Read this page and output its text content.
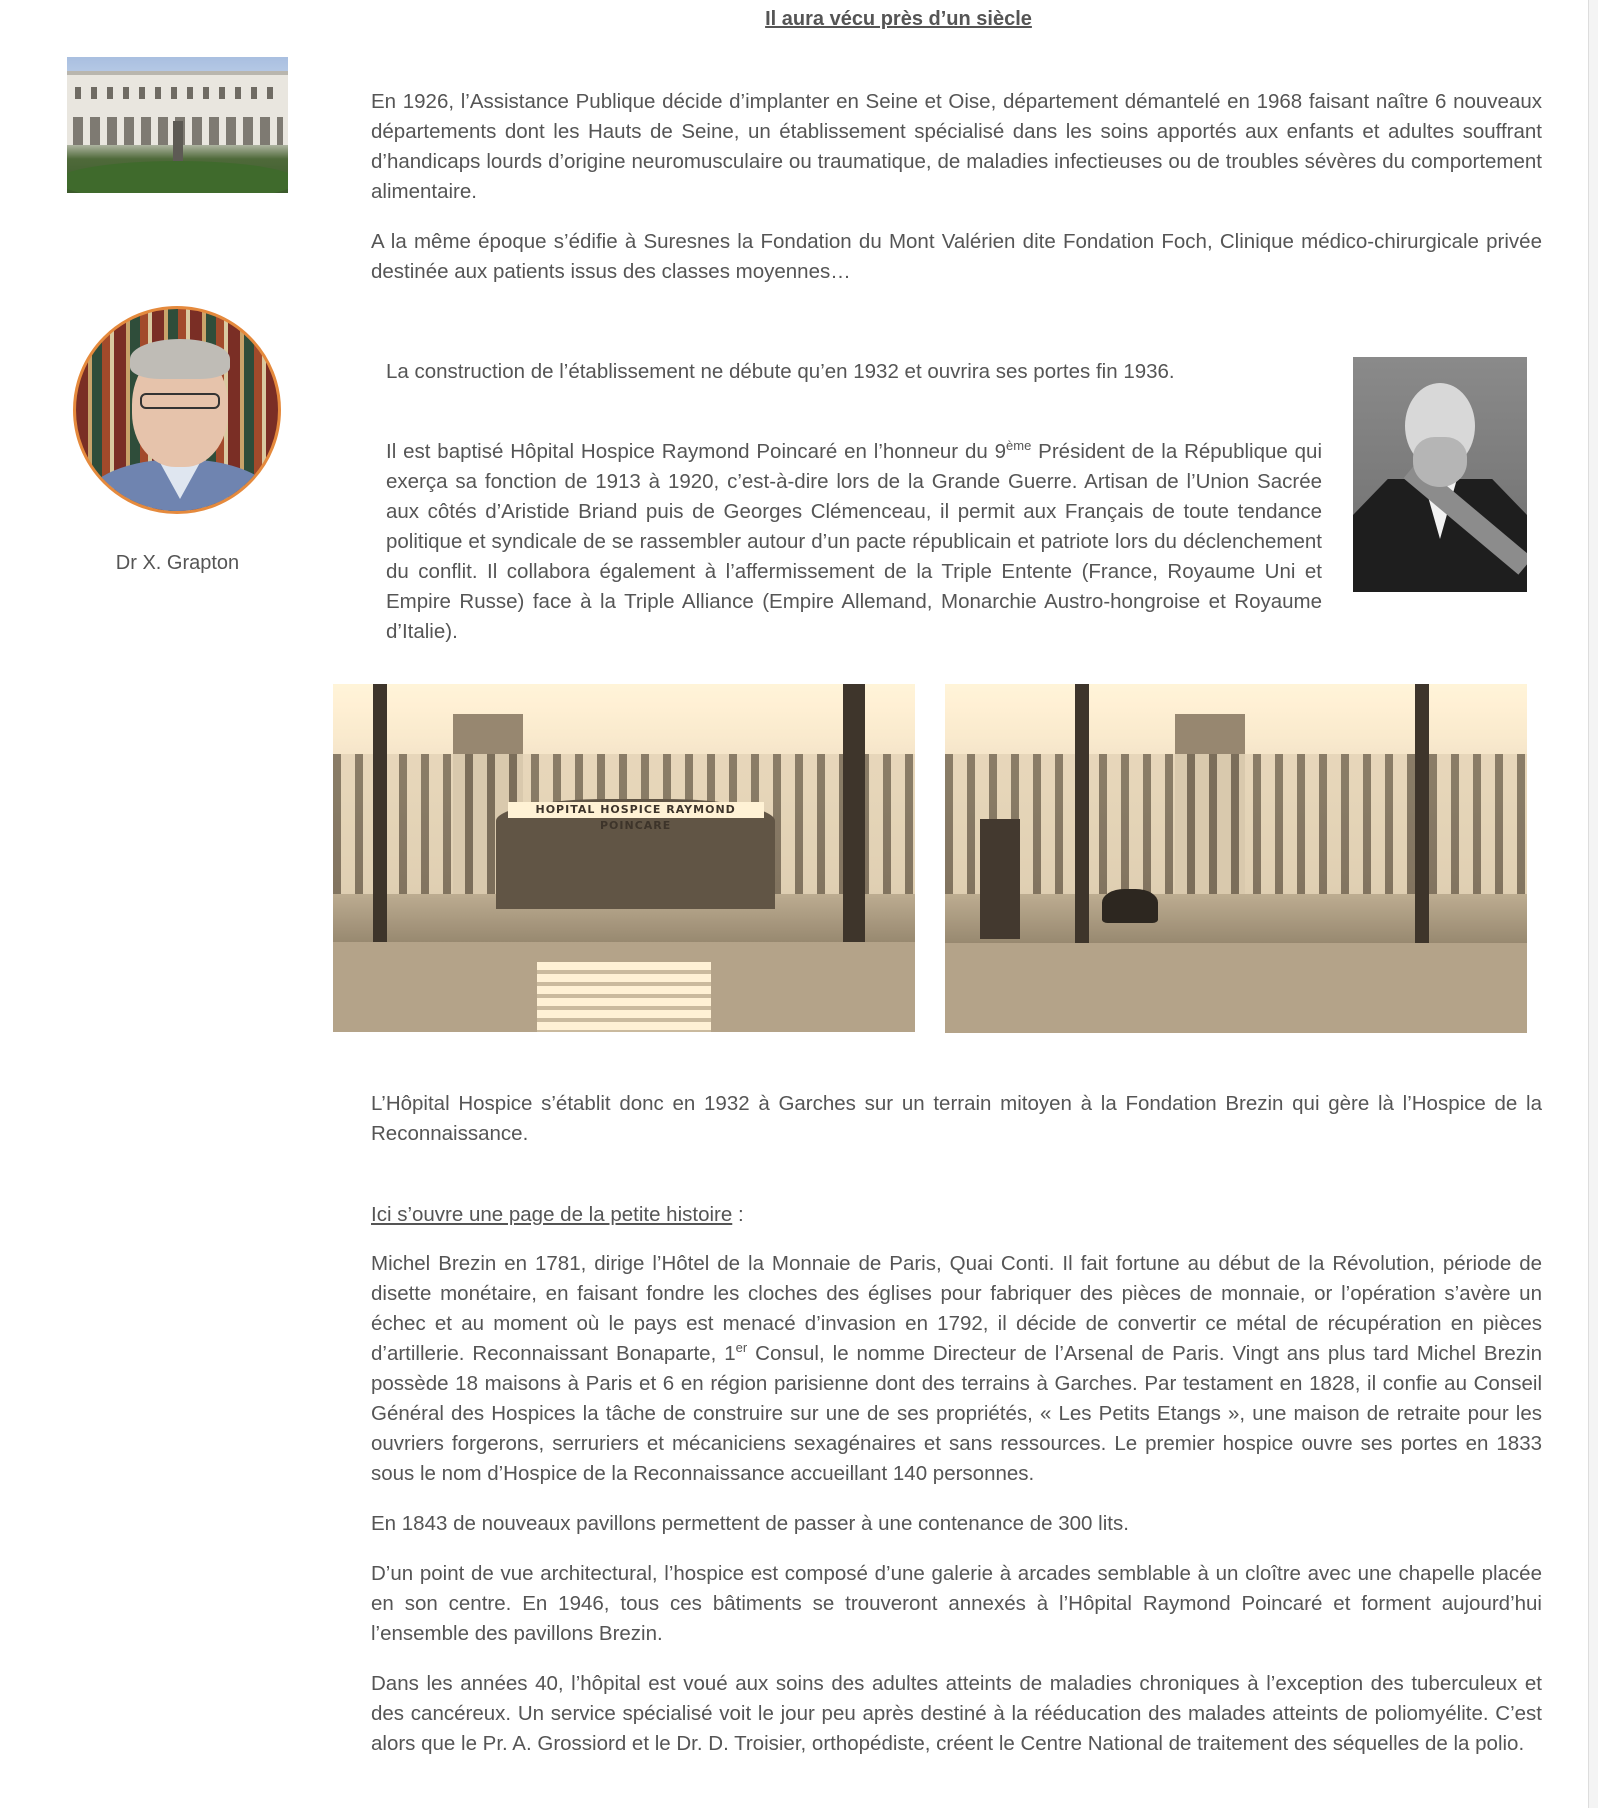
Il aura vécu près d’un siècle

En 1926, l’Assistance Publique décide d’implanter en Seine et Oise, département démantelé en 1968 faisant naître 6 nouveaux départements dont les Hauts de Seine, un établissement spécialisé dans les soins apportés aux enfants et adultes souffrant d’handicaps lourds d’origine neuromusculaire ou traumatique, de maladies infectieuses ou de troubles sévères du comportement alimentaire.

A la même époque s’édifie à Suresnes la Fondation du Mont Valérien dite Fondation Foch, Clinique médico-chirurgicale privée destinée aux patients issus des classes moyennes…

Dr X. Grapton

La construction de l’établissement ne débute qu’en 1932 et ouvrira ses portes fin 1936.

Il est baptisé Hôpital Hospice Raymond Poincaré en l’honneur du 9ème Président de la République qui exerça sa fonction de 1913 à 1920, c’est-à-dire lors de la Grande Guerre. Artisan de l’Union Sacrée aux côtés d’Aristide Briand puis de Georges Clémenceau, il permit aux Français de toute tendance politique et syndicale de se rassembler autour d’un pacte républicain et patriote lors du déclenchement du conflit. Il collabora également à l’affermissement de la Triple Entente (France, Royaume Uni et Empire Russe) face à la Triple Alliance (Empire Allemand, Monarchie Austro-hongroise et Royaume d’Italie).

HOPITAL HOSPICE RAYMOND POINCARE

L’Hôpital Hospice s’établit donc en 1932 à Garches sur un terrain mitoyen à la Fondation Brezin qui gère là l’Hospice de la Reconnaissance.

Ici s’ouvre une page de la petite histoire :

Michel Brezin en 1781, dirige l’Hôtel de la Monnaie de Paris, Quai Conti. Il fait fortune au début de la Révolution, période de disette monétaire, en faisant fondre les cloches des églises pour fabriquer des pièces de monnaie, or l’opération s’avère un échec et au moment où le pays est menacé d’invasion en 1792, il décide de convertir ce métal de récupération en pièces d’artillerie. Reconnaissant Bonaparte, 1er Consul, le nomme Directeur de l’Arsenal de Paris. Vingt ans plus tard Michel Brezin possède 18 maisons à Paris et 6 en région parisienne dont des terrains à Garches. Par testament en 1828, il confie au Conseil Général des Hospices la tâche de construire sur une de ses propriétés, « Les Petits Etangs », une maison de retraite pour les ouvriers forgerons, serruriers et mécaniciens sexagénaires et sans ressources. Le premier hospice ouvre ses portes en 1833 sous le nom d’Hospice de la Reconnaissance accueillant 140 personnes.

En 1843 de nouveaux pavillons permettent de passer à une contenance de 300 lits.

D’un point de vue architectural, l’hospice est composé d’une galerie à arcades semblable à un cloître avec une chapelle placée en son centre. En 1946, tous ces bâtiments se trouveront annexés à l’Hôpital Raymond Poincaré et forment aujourd’hui l’ensemble des pavillons Brezin.

Dans les années 40, l’hôpital est voué aux soins des adultes atteints de maladies chroniques à l’exception des tuberculeux et des cancéreux. Un service spécialisé voit le jour peu après destiné à la rééducation des malades atteints de poliomyélite. C’est alors que le Pr. A. Grossiord et le Dr. D. Troisier, orthopédiste, créent le Centre National de traitement des séquelles de la polio.
